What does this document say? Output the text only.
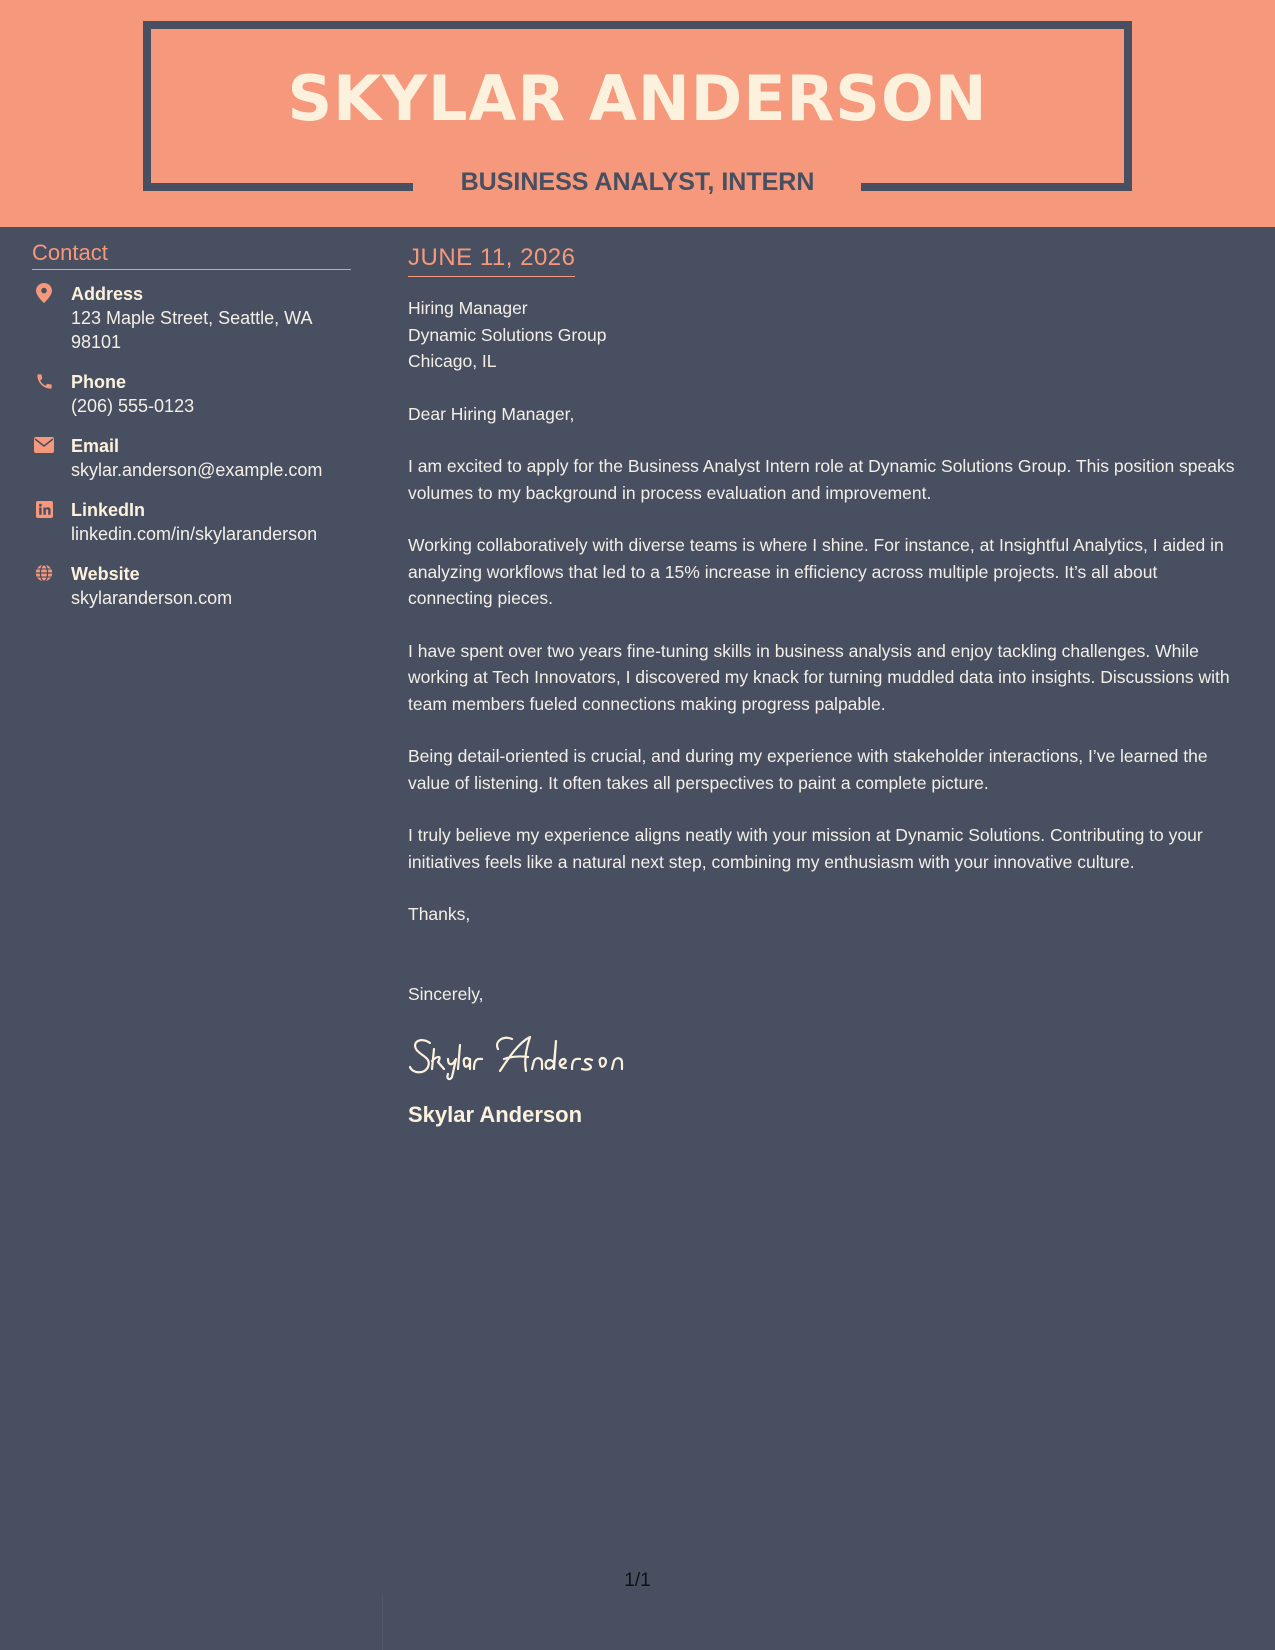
SKYLAR ANDERSON
BUSINESS ANALYST, INTERN
Contact
Address
123 Maple Street, Seattle, WA 98101
Phone
(206) 555-0123
Email
skylar.anderson@example.com
LinkedIn
linkedin.com/in/skylaranderson
Website
skylaranderson.com
JUNE 11, 2026
Hiring Manager
Dynamic Solutions Group
Chicago, IL
Dear Hiring Manager,
I am excited to apply for the Business Analyst Intern role at Dynamic Solutions Group. This position speaks volumes to my background in process evaluation and improvement.
Working collaboratively with diverse teams is where I shine. For instance, at Insightful Analytics, I aided in analyzing workflows that led to a 15% increase in efficiency across multiple projects. It’s all about connecting pieces.
I have spent over two years fine-tuning skills in business analysis and enjoy tackling challenges. While working at Tech Innovators, I discovered my knack for turning muddled data into insights. Discussions with team members fueled connections making progress palpable.
Being detail-oriented is crucial, and during my experience with stakeholder interactions, I’ve learned the value of listening. It often takes all perspectives to paint a complete picture.
I truly believe my experience aligns neatly with your mission at Dynamic Solutions. Contributing to your initiatives feels like a natural next step, combining my enthusiasm with your innovative culture.
Thanks,
Sincerely,
Skylar Anderson
1/1
